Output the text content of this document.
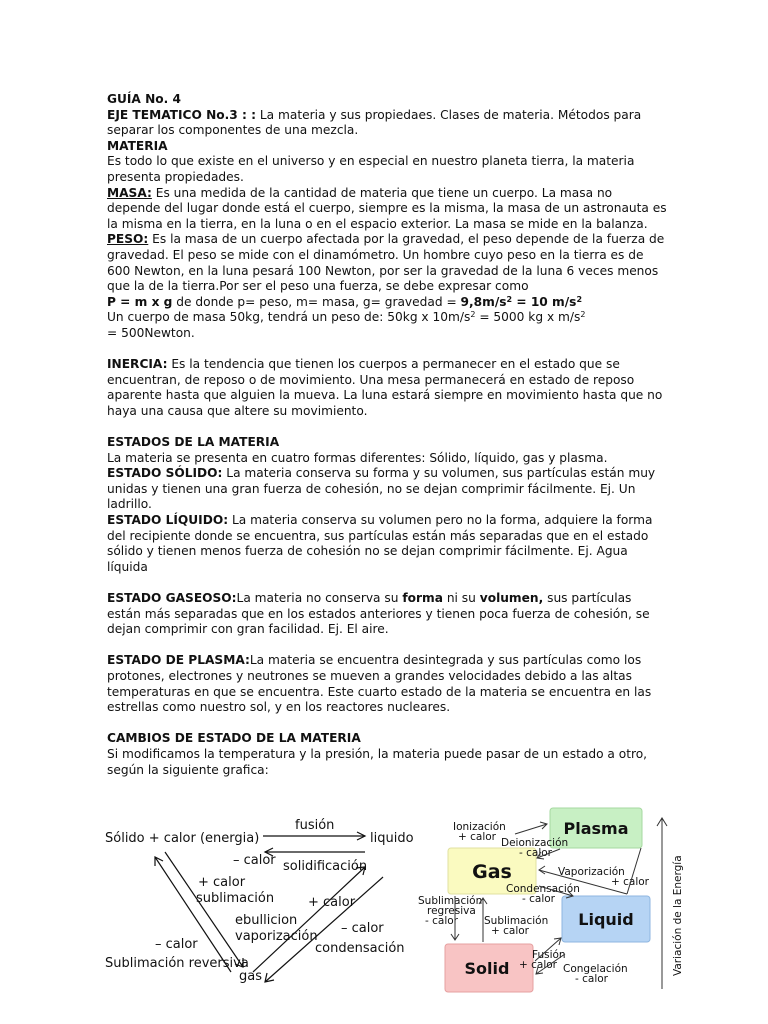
GUÍA No. 4

EJE TEMATICO No.3 : : La materia y sus propiedaes. Clases de materia. Métodos para separar los componentes de una mezcla.

MATERIA

Es todo lo que existe en el universo y en especial en nuestro planeta tierra, la materia presenta propiedades.

MASA: Es una medida de la cantidad de materia que tiene un cuerpo. La masa no depende del lugar donde está el cuerpo, siempre es la misma, la masa de un astronauta es la misma en la tierra, en la luna o en el espacio exterior. La masa se mide en la balanza.

PESO: Es la masa de un cuerpo afectada por la gravedad, el peso depende de la fuerza de gravedad. El peso se mide con el dinamómetro. Un hombre cuyo peso en la tierra es de 600 Newton, en la luna pesará 100 Newton, por ser la gravedad de la luna 6 veces menos que la de la tierra.Por ser el peso una fuerza, se debe expresar como
P = m x g de donde p= peso, m= masa, g= gravedad = $9,8m/s^2 = 10$ $m/s^2$
Un cuerpo de masa 50kg, tendrá un peso de: 50kg x $10m/s^2 = 5000$ kg x $m/s^2$
= 500Newton.

INERCIA: Es la tendencia que tienen los cuerpos a permanecer en el estado que se encuentran, de reposo o de movimiento. Una mesa permanecerá en estado de reposo aparente hasta que alguien la mueva. La luna estará siempre en movimiento hasta que no haya una causa que altere su movimiento.

ESTADOS DE LA MATERIA

La materia se presenta en cuatro formas diferentes: Sólido, líquido, gas y plasma.

ESTADO SÓLIDO: La materia conserva su forma y su volumen, sus partículas están muy unidas y tienen una gran fuerza de cohesión, no se dejan comprimir fácilmente. Ej. Un ladrillo.

ESTADO LÍQUIDO: La materia conserva su volumen pero no la forma, adquiere la forma del recipiente donde se encuentra, sus partículas están más separadas que en el estado sólido y tienen menos fuerza de cohesión no se dejan comprimir fácilmente. Ej. Agua líquida

ESTADO GASEOSO:La materia no conserva su forma ni su volumen, sus partículas están más separadas que en los estados anteriores y tienen poca fuerza de cohesión, se dejan comprimir con gran facilidad. Ej. El aire.

ESTADO DE PLASMA:La materia se encuentra desintegrada y sus partículas como los protones, electrones y neutrones se mueven a grandes velocidades debido a las altas temperaturas en que se encuentra. Este cuarto estado de la materia se encuentra en las estrellas como nuestro sol, y en los reactores nucleares.

CAMBIOS DE ESTADO DE LA MATERIA

Si modificamos la temperatura y la presión, la materia puede pasar de un estado a otro, según la siguiente grafica:

Sólido + calor (energia)
fusión
liquido
– calor solidificación
+ calor
sublimación	+ calor
ebullicion
– calor
vaporización
– calor	condensación
Sublimación reversiva
gas
Plasma
Gas
Liquid
Solid
Ionización
+ calor Deionización
- calor
Vaporización
+ calor
Condensación
- calor
Sublimación
regresiva
- calor Sublimación
+ calor
Fusión
+ calor Congelación
- calor
Variación de la Energía
